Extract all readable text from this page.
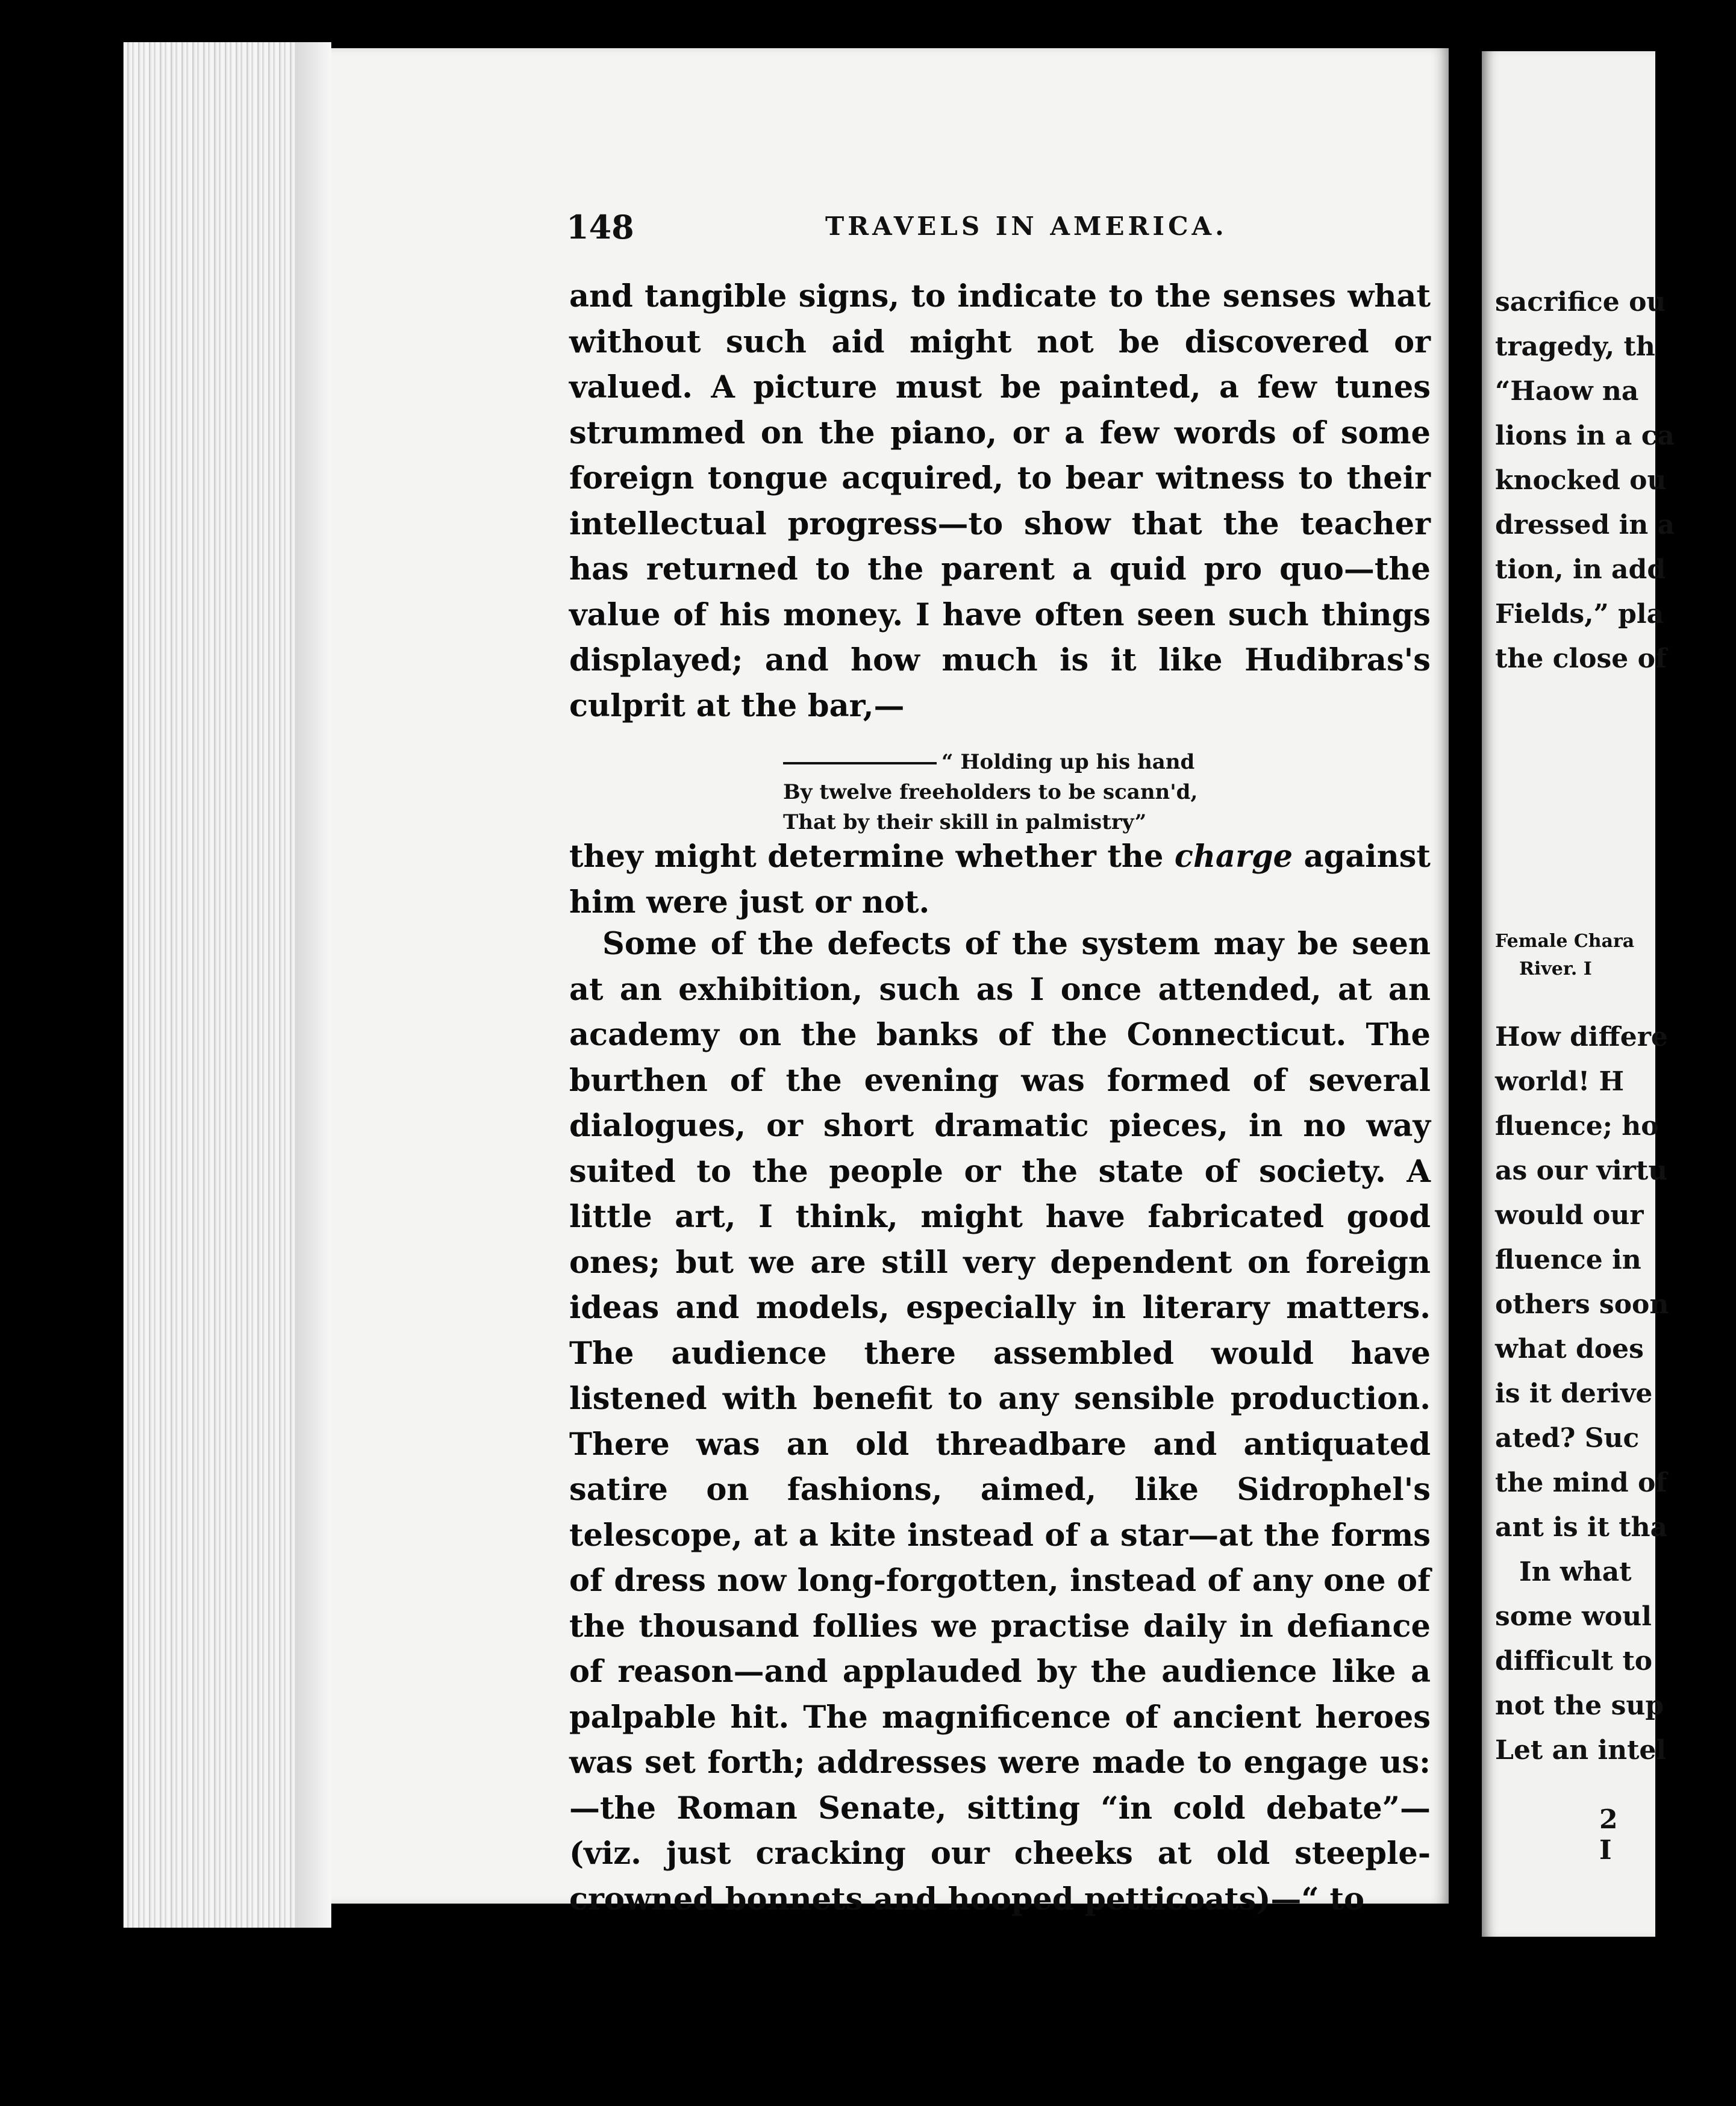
148	TRAVELS IN AMERICA.

and tangible signs, to indicate to the senses what without such aid might not be discovered or valued. A picture must be painted, a few tunes strummed on the piano, or a few words of some foreign tongue acquired, to bear witness to their intellectual progress—to show that the teacher has returned to the parent a quid pro quo—the value of his money. I have often seen such things displayed; and how much is it like Hudibras's culprit at the bar,—

“ Holding up his hand
By twelve freeholders to be scann'd,
That by their skill in palmistry”

they might determine whether the charge against him were just or not.

Some of the defects of the system may be seen at an exhibition, such as I once attended, at an academy on the banks of the Connecticut. The burthen of the evening was formed of several dialogues, or short dramatic pieces, in no way suited to the people or the state of society. A little art, I think, might have fabricated good ones; but we are still very dependent on foreign ideas and models, especially in literary matters. The audience there assembled would have listened with benefit to any sensible production. There was an old threadbare and antiquated satire on fashions, aimed, like Sidrophel's telescope, at a kite instead of a star—at the forms of dress now long-forgotten, instead of any one of the thousand follies we practise daily in defiance of reason—and applauded by the audience like a palpable hit. The magnificence of ancient heroes was set forth; addresses were made to engage us:—the Roman Senate, sitting “in cold debate”—(viz. just cracking our cheeks at old steeple-crowned bonnets and hooped petticoats)—“ to

sacrifice ou
tragedy, th
“Haow na
lions in a ca
knocked ou
dressed in a
tion, in add
Fields,” pla
the close of
Female Chara
River. I
How differe
world! H
fluence; ho
as our virtu
would our
fluence in
others soon
what does
is it derive
ated? Suc
the mind of
ant is it tha
In what
some woul
difficult to
not the sup
Let an intel
2 I
